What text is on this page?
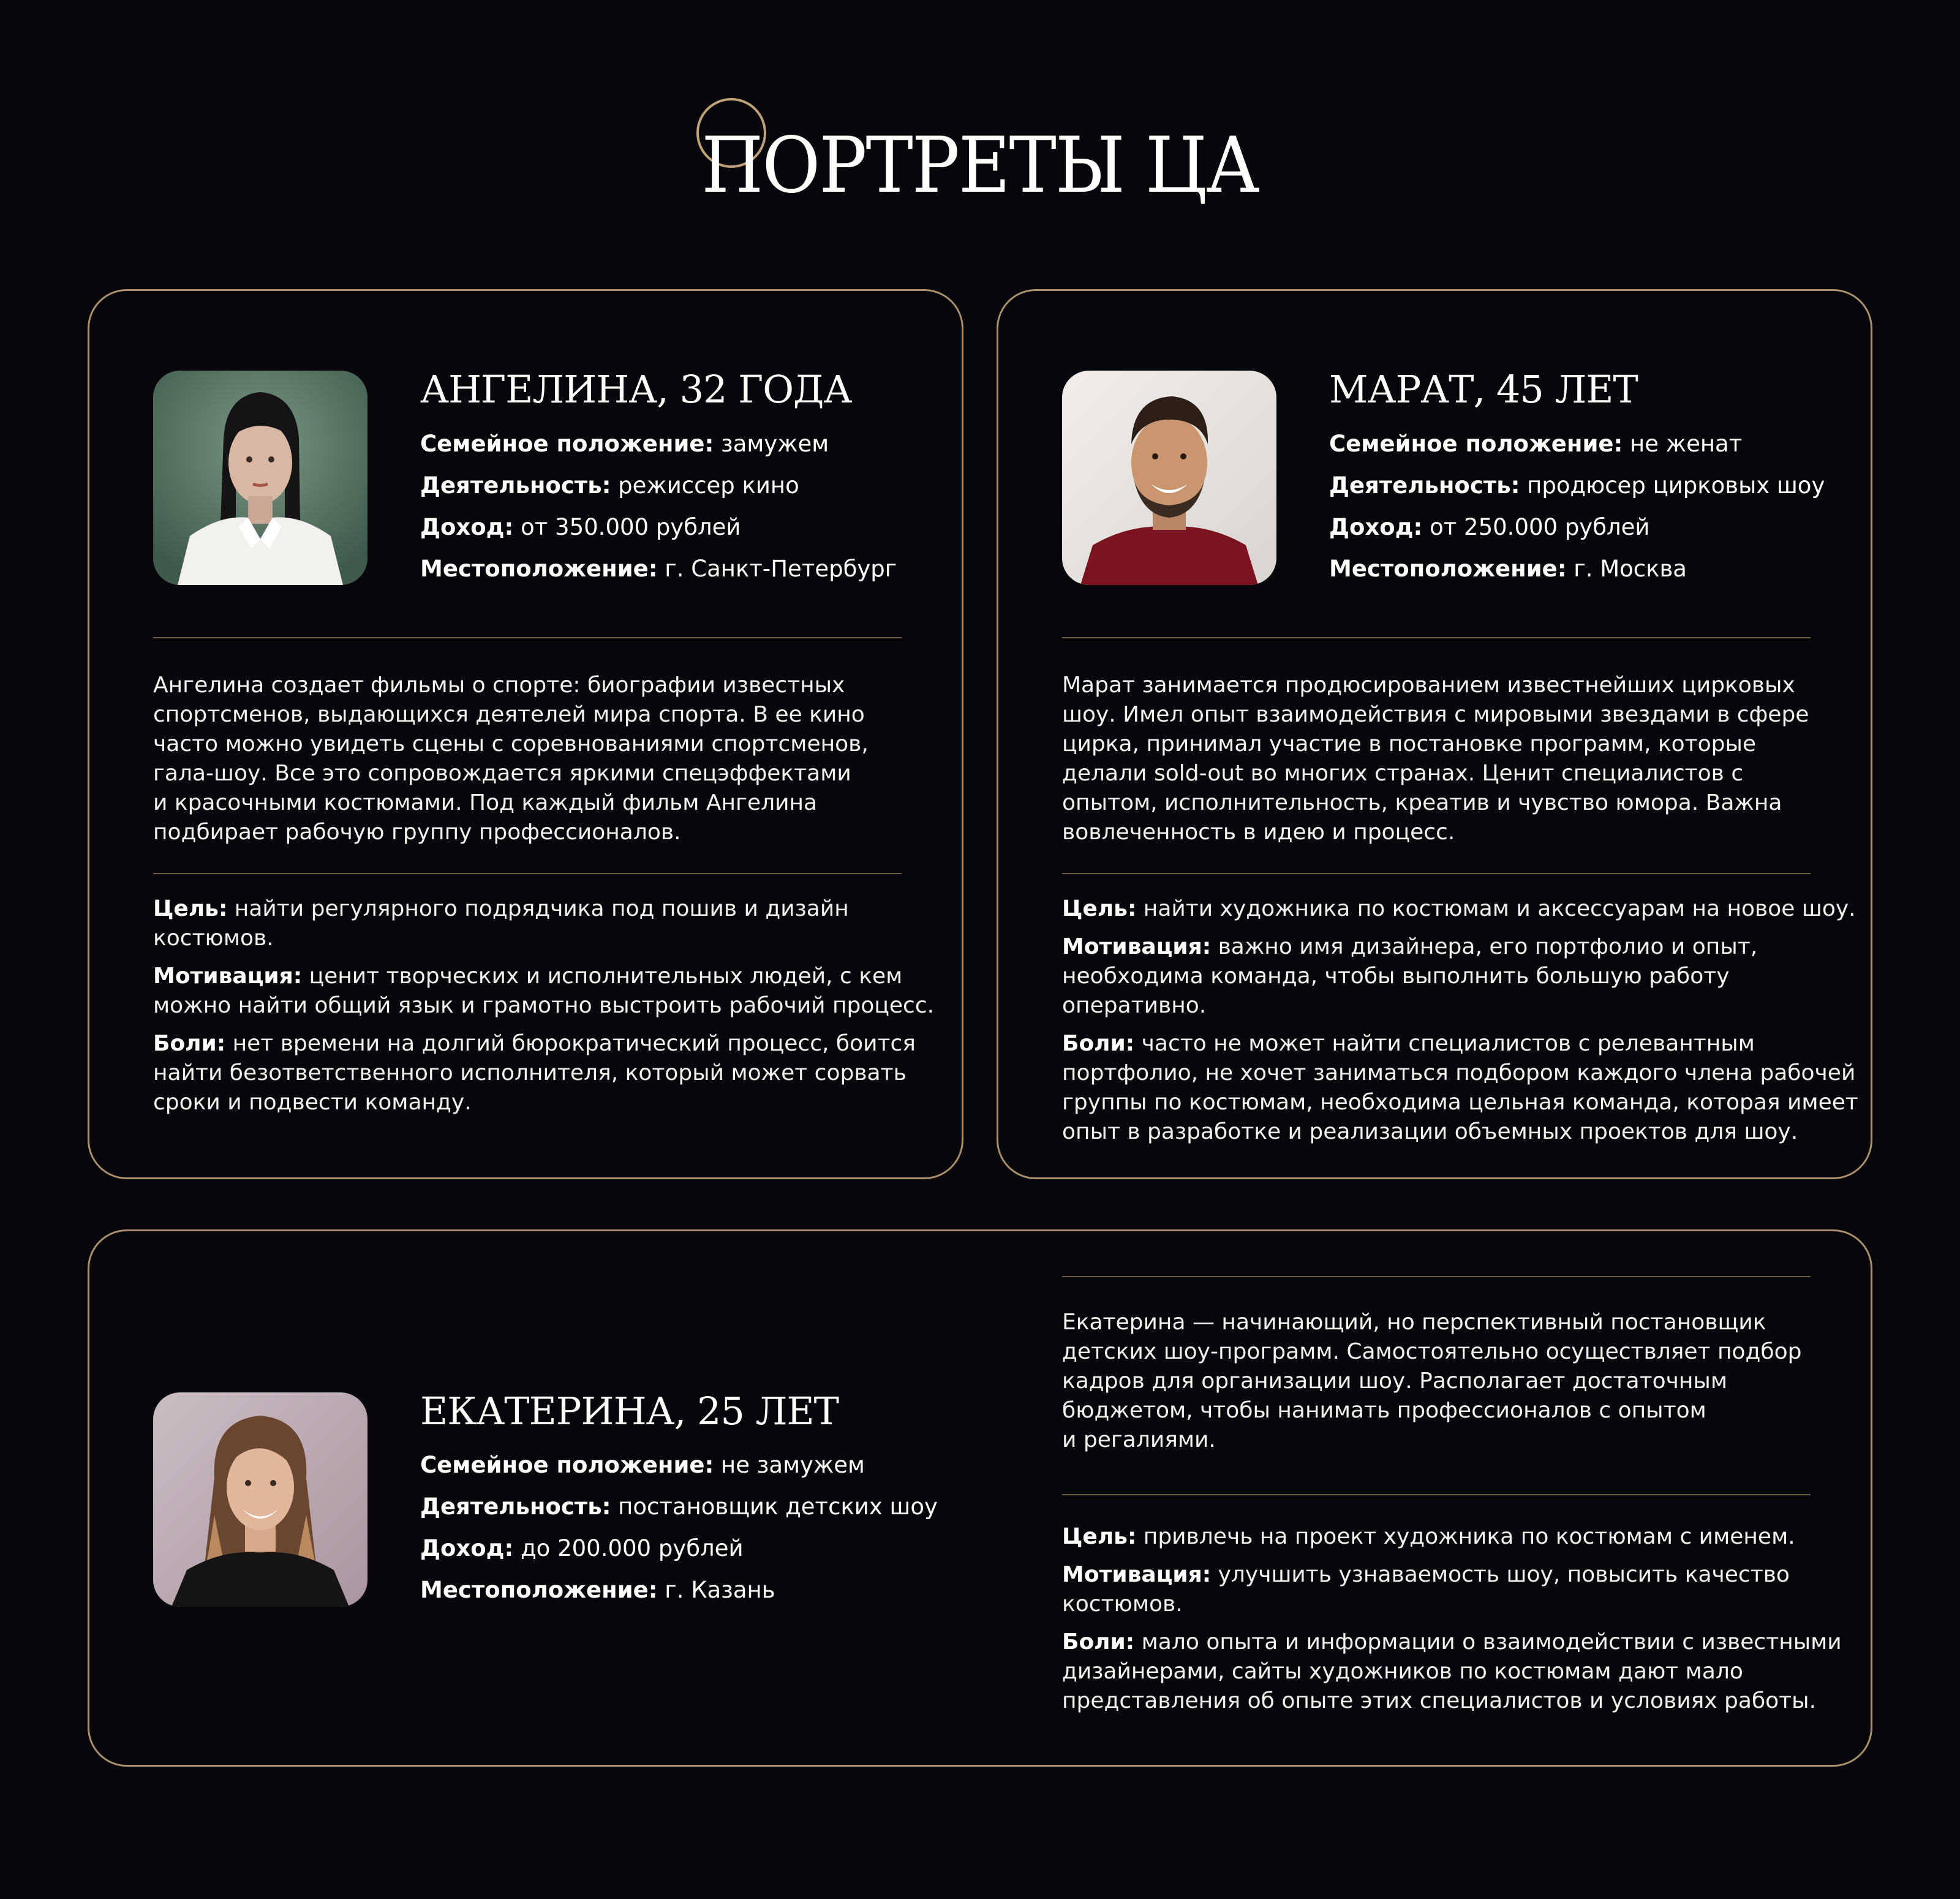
ПОРТРЕТЫ ЦА
АНГЕЛИНА, 32 ГОДА
Семейное положение: замужем
Деятельность: режиссер кино
Доход: от 350.000 рублей
Местоположение: г. Санкт-Петербург
Ангелина создает фильмы о спорте: биографии известных
спортсменов, выдающихся деятелей мира спорта. В ее кино
часто можно увидеть сцены с соревнованиями спортсменов,
гала-шоу. Все это сопровождается яркими спецэффектами
и красочными костюмами. Под каждый фильм Ангелина
подбирает рабочую группу профессионалов.
Цель: найти регулярного подрядчика под пошив и дизайн костюмов.
Мотивация: ценит творческих и исполнительных людей, с кем
можно найти общий язык и грамотно выстроить рабочий процесс.
Боли: нет времени на долгий бюрократический процесс, боится
найти безответственного исполнителя, который может сорвать
сроки и подвести команду.
МАРАТ, 45 ЛЕТ
Семейное положение: не женат
Деятельность: продюсер цирковых шоу
Доход: от 250.000 рублей
Местоположение: г. Москва
Марат занимается продюсированием известнейших цирковых
шоу. Имел опыт взаимодействия с мировыми звездами в сфере
цирка, принимал участие в постановке программ, которые
делали sold-out во многих странах. Ценит специалистов с
опытом, исполнительность, креатив и чувство юмора. Важна
вовлеченность в идею и процесс.
Цель: найти художника по костюмам и аксессуарам на новое шоу.
Мотивация: важно имя дизайнера, его портфолио и опыт,
необходима команда, чтобы выполнить большую работу оперативно.
Боли: часто не может найти специалистов с релевантным
портфолио, не хочет заниматься подбором каждого члена рабочей
группы по костюмам, необходима цельная команда, которая имеет
опыт в разработке и реализации объемных проектов для шоу.
ЕКАТЕРИНА, 25 ЛЕТ
Семейное положение: не замужем
Деятельность: постановщик детских шоу
Доход: до 200.000 рублей
Местоположение: г. Казань
Екатерина — начинающий, но перспективный постановщик
детских шоу-программ. Самостоятельно осуществляет подбор
кадров для организации шоу. Располагает достаточным
бюджетом, чтобы нанимать профессионалов с опытом
и регалиями.
Цель: привлечь на проект художника по костюмам с именем.
Мотивация: улучшить узнаваемость шоу, повысить качество
костюмов.
Боли: мало опыта и информации о взаимодействии с известными
дизайнерами, сайты художников по костюмам дают мало
представления об опыте этих специалистов и условиях работы.
